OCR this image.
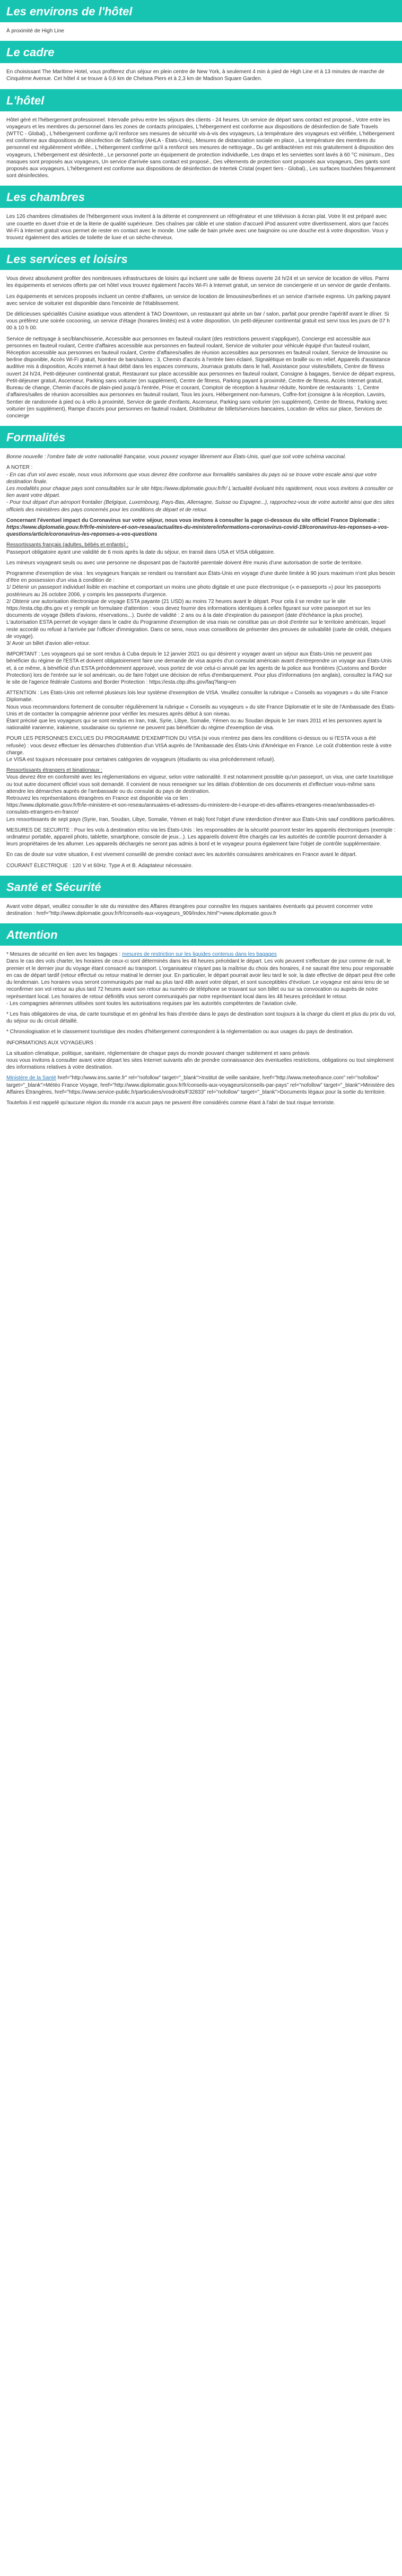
Les environs de l'hôtel

À proximité de High Line

Le cadre

En choisissant The Maritime Hotel, vous profiterez d'un séjour en plein centre de New York, à seulement 4 min à pied de High Line et à 13 minutes de marche de Cinquième Avenue. Cet hôtel 4 se trouve à 0,6 km de Chelsea Piers et à 2,3 km de Madison Square Garden.

L'hôtel

Hôtel géré et l'hébergement professionnel. Intervalle prévu entre les séjours des clients - 24 heures. Un service de départ sans contact est proposé., Votre entre les voyageurs et les membres du personnel dans les zones de contacts principales, L'hébergement est conforme aux dispositions de désinfection de Safe Travels (WTTC - Global)., L'hébergement confirme qu'il renforce ses mesures de sécurité vis-à-vis des voyageurs, La température des voyageurs est vérifiée, L'hébergement est conforme aux dispositions de désinfection de SafeStay (AHLA - États-Unis)., Mesures de distanciation sociale en place., La température des membres du personnel est régulièrement vérifiée., L'hébergement confirme qu'il a renforcé ses mesures de nettoyage., Du gel antibactérien est mis gratuitement à disposition des voyageurs, L'hébergement est désinfecté., Le personnel porte un équipement de protection individuelle, Les draps et les serviettes sont lavés à 60 °C minimum., Des masques sont proposés aux voyageurs, Un service d'arrivée sans contact est proposé., Des vêtements de protection sont proposés aux voyageurs, Des gants sont proposés aux voyageurs, L'hébergement est conforme aux dispositions de désinfection de Intertek Cristal (expert tiers - Global)., Les surfaces touchées fréquemment sont désinfectées.

Les chambres

Les 126 chambres climatisées de l'hébergement vous invitent à la détente et comprennent un réfrigérateur et une télévision à écran plat. Votre lit est préparé avec une couette en duvet d'oie et de la literie de qualité supérieure. Des chaînes par câble et une station d'accueil iPod assurent votre divertissement, alors que l'accès Wi-Fi à Internet gratuit vous permet de rester en contact avec le monde. Une salle de bain privée avec une baignoire ou une douche est à votre disposition. Vous y trouvez également des articles de toilette de luxe et un sèche-cheveux.

Les services et loisirs

Vous devez absolument profiter des nombreuses infrastructures de loisirs qui incluent une salle de fitness ouverte 24 h/24 et un service de location de vélos. Parmi les équipements et services offerts par cet hôtel vous trouvez également l'accès Wi-Fi à Internet gratuit, un service de conciergerie et un service de garde d'enfants.

Les équipements et services proposés incluent un centre d'affaires, un service de location de limousines/berlines et un service d'arrivée express. Un parking payant avec service de voiturier est disponible dans l'enceinte de l'établissement.

De délicieuses spécialités Cuisine asiatique vous attendent à TAO Downtown, un restaurant qui abrite un bar / salon, parfait pour prendre l'apéritif avant le dîner. Si vous préférez une soirée cocooning, un service d'étage (horaires limités) est à votre disposition. Un petit-déjeuner continental gratuit est servi tous les jours de 07 h 00 à 10 h 00.

Service de nettoyage à sec/blanchisserie, Accessible aux personnes en fauteuil roulant (des restrictions peuvent s'appliquer), Concierge est accessible aux personnes en fauteuil roulant, Centre d'affaires accessible aux personnes en fauteuil roulant, Service de voiturier pour véhicule équipé d'un fauteuil roulant, Réception accessible aux personnes en fauteuil roulant, Centre d'affaires/salles de réunion accessibles aux personnes en fauteuil roulant, Service de limousine ou berline disponible, Accès Wi-Fi gratuit, Nombre de bars/salons : 3, Chemin d'accès à l'entrée bien éclairé, Signalétique en braille ou en relief, Appareils d'assistance auditive mis à disposition, Accès internet à haut débit dans les espaces communs, Journaux gratuits dans le hall, Assistance pour visites/billets, Centre de fitness ouvert 24 h/24, Petit-déjeuner continental gratuit, Restaurant sur place accessible aux personnes en fauteuil roulant, Consigne à bagages, Service de départ express, Petit-déjeuner gratuit, Ascenseur, Parking sans voiturier (en supplément), Centre de fitness, Parking payant à proximité, Centre de fitness, Accès Internet gratuit, Bureau de change, Chemin d'accès de plain-pied jusqu'à l'entrée, Prise et courant, Comptoir de réception à hauteur réduite, Nombre de restaurants : 1, Centre d'affaires/salles de réunion accessibles aux personnes en fauteuil roulant, Tous les jours, Hébergement non-fumeurs, Coffre-fort (consigne à la réception, Lavoirs, Sentier de randonnée à pied ou à vélo à proximité, Service de garde d'enfants, Ascenseur, Parking sans voiturier (en supplément), Centre de fitness, Parking avec voiturier (en supplément), Rampe d'accès pour personnes en fauteuil roulant, Distributeur de billets/services bancaires, Location de vélos sur place, Services de concierge

Formalités

Bonne nouvelle : l'ombre faite de votre nationalité française, vous pouvez voyager librement aux États-Unis, quel que soit votre schéma vaccinal.

A NOTER :
- En cas d'un vol avec escale, nous vous informons que vous devrez être conforme aux formalités sanitaires du pays où se trouve votre escale ainsi que votre destination finale.
Les modalités pour chaque pays sont consultables sur le site https://www.diplomatie.gouv.fr/fr/ L'actualité évoluant très rapidement, nous vous invitons à consulter ce lien avant votre départ.
- Pour tout départ d'un aéroport frontalier (Belgique, Luxembourg, Pays-Bas, Allemagne, Suisse ou Espagne...), rapprochez-vous de votre autorité ainsi que des sites officiels des ministères des pays concernés pour les conditions de départ et de retour.

Concernant l'éventuel impact du Coronavirus sur votre séjour, nous vous invitons à consulter la page ci-dessous du site officiel France Diplomatie :
https://www.diplomatie.gouv.fr/fr/le-ministere-et-son-reseau/actualites-du-ministere/informations-coronavirus-covid-19/coronavirus-les-reponses-a-vos-questions/article/coronavirus-les-reponses-a-vos-questions

Ressortissants français (adultes, bébés et enfants) :
Passeport obligatoire ayant une validité de 6 mois après la date du séjour, en transit dans USA et VISA obligatoire.

Les mineurs voyageant seuls ou avec une personne ne disposant pas de l'autorité parentale doivent être munis d'une autorisation de sortie de territoire.

Programme d'exemption de visa : les voyageurs français se rendant ou transitant aux États-Unis en voyage d'une durée limitée à 90 jours maximum n'ont plus besoin d'être en possession d'un visa à condition de :
1/ Détenir un passeport individuel lisible en machine et comportant un moins une photo digitale et une puce électronique (« e-passeports ») pour les passeports postérieurs au 26 octobre 2006, y compris les passeports d'urgence.
2/ Obtenir une autorisation électronique de voyage ESTA payante (21 USD) au moins 72 heures avant le départ. Pour cela il se rendre sur le site https://esta.cbp.dhs.gov et y remplir un formulaire d'attention : vous devez fournir des informations identiques à celles figurant sur votre passeport et sur les documents de voyage (billets d'avions, réservations...). Durée de validité : 2 ans ou à la date d'expiration du passeport (date d'échéance la plus proche). L'autorisation ESTA permet de voyager dans le cadre du Programme d'exemption de visa mais ne constitue pas un droit d'entrée sur le territoire américain, lequel reste accordé ou refusé à l'arrivée par l'officier d'immigration. Dans ce sens, nous vous conseillons de présenter des preuves de solvabilité (carte de crédit, chèques de voyage).
3/ Avoir un billet d'avion aller-retour.

IMPORTANT : Les voyageurs qui se sont rendus à Cuba depuis le 12 janvier 2021 ou qui désirent y voyager avant un séjour aux États-Unis ne peuvent pas bénéficier du régime de l'ESTA et doivent obligatoirement faire une demande de visa auprès d'un consulat américain avant d'entreprendre un voyage aux États-Unis et, à ce même, à bénéficié d'un ESTA précédemment approuvé, vous portez de voir celui-ci annulé par les agents de la police aux frontières (Customs and Border Protection) lors de l'entrée sur le sol américain, ou de faire l'objet une décision de refus d'embarquement. Pour plus d'informations (en anglais), consultez la FAQ sur le site de l'agence fédérale Customs and Border Protection : https://esta.cbp.dhs.gov/faq?lang=en

ATTENTION : Les États-Unis ont refermé plusieurs lois leur système d'exemption de VISA. Veuillez consulter la rubrique « Conseils au voyageurs » du site France Diplomatie.
Nous vous recommandons fortement de consulter régulièrement la rubrique « Conseils au voyageurs » du site France Diplomatie et le site de l'Ambassade des États-Unis et de contacter la compagnie aérienne pour vérifier les mesures après début à son niveau.
Étant précisé que les voyageurs qui se sont rendus en Iran, Irak, Syrie, Libye, Somalie, Yémen ou au Soudan depuis le 1er mars 2011 et les personnes ayant la nationalité iranienne, irakienne, soudanaise ou syrienne ne peuvent pas bénéficier du régime d'exemption de visa.

POUR LES PERSONNES EXCLUES DU PROGRAMME D'EXEMPTION DU VISA (si vous n'entrez pas dans les conditions ci-dessus ou si l'ESTA vous a été refusée) : vous devez effectuer les démarches d'obtention d'un VISA auprès de l'Ambassade des États-Unis d'Amérique en France. Le coût d'obtention reste à votre charge.
Le VISA est toujours nécessaire pour certaines catégories de voyageurs (étudiants ou visa précédemment refusé).

Ressortissants étrangers et binationaux :
Vous devrez être en conformité avec les réglementations en vigueur, selon votre nationalité. Il est notamment possible qu'un passeport, un visa, une carte touristique ou tout autre document officiel vous soit demandé. Il convient de nous renseigner sur les délais d'obtention de ces documents et d'effectuer vous-même sans attendre les démarches auprès de l'ambassade ou du consulat du pays de destination.
Retrouvez les représentations étrangères en France est disponible via ce lien :
https://www.diplomatie.gouv.fr/fr/le-ministere-et-son-reseau/annuaires-et-adresses-du-ministere-de-l-europe-et-des-affaires-etrangeres-meae/ambassades-et-consulats-etrangers-en-france/
Les ressortissants de sept pays (Syrie, Iran, Soudan, Libye, Somalie, Yémen et Irak) font l'objet d'une interdiction d'entrer aux États-Unis sauf conditions particulières.

MESURES DE SECURITE : Pour les vols à destination et/ou via les États-Unis : les responsables de la sécurité pourront tester les appareils électroniques (exemple : ordinateur portable, appareil photo, tablette, smartphone, console de jeux...). Les appareils doivent être chargés car les autorités de contrôle pourront demander à leurs propriétaires de les allumer. Les appareils déchargés ne seront pas admis à bord et le voyageur pourra également faire l'objet de contrôle supplémentaire.

En cas de doute sur votre situation, il est vivement conseillé de prendre contact avec les autorités consulaires américaines en France avant le départ.

COURANT ÉLECTRIQUE : 120 V et 60Hz. Type A et B. Adaptateur nécessaire.

Santé et Sécurité

Avant votre départ, veuillez consulter le site du ministère des Affaires étrangères pour connaître les risques sanitaires éventuels qui peuvent concerner votre destination : href="http://www.diplomatie.gouv.fr/fr/conseils-aux-voyageurs_909/index.html">www.diplomatie.gouv.fr

Attention

* Mesures de sécurité en lien avec les bagages : mesures de restriction sur les liquides contenus dans les bagages
Dans le cas des vols charter, les horaires de ceux-ci sont déterminés dans les 48 heures précédant le départ. Les vols peuvent s'effectuer de jour comme de nuit, le premier et le dernier jour du voyage étant consacré au transport. L'organisateur n'ayant pas la maîtrise du choix des horaires, il ne saurait être tenu pour responsable en cas de départ tardif (retour effectué ou retour matinal le dernier jour. En particulier, le départ pourrait avoir lieu tard le soir, la date effective de départ peut être celle du lendemain. Les horaires vous seront communiqués par mail au plus tard 48h avant votre départ, et sont susceptibles d'évoluer. Le voyageur est ainsi tenu de se reconfirmer son vol retour au plus tard 72 heures avant son retour au numéro de téléphone se trouvant sur son billet ou sur sa convocation ou auprès de notre représentant local. Les horaires de retour définitifs vous seront communiqués par notre représentant local dans les 48 heures précédant le retour.
- Les compagnies aériennes utilisées sont toutes les autorisations requises par les autorités compétentes de l'aviation civile.

* Les frais obligatoires de visa, de carte touristique et en général les frais d'entrée dans le pays de destination sont toujours à la charge du client et plus du prix du vol, du séjour ou du circuit détaillé.

* Chronologisation et le classement touristique des modes d'hébergement correspondent à la réglementation ou aux usages du pays de destination.

INFORMATIONS AUX VOYAGEURS :

La situation climatique, politique, sanitaire, réglementaire de chaque pays du monde pouvant changer subitement et sans préavis
nous vous invitons à consulter avant votre départ les sites Internet suivants afin de prendre connaissance des éventuelles restrictions, obligations ou tout simplement des informations relatives à votre destination.

Ministère de la Santé href="http://www.ims.sante.fr" rel="nofollow" target="_blank">Institut de veille sanitaire, href="http://www.meteofrance.com" rel="nofollow" target="_blank">Météo France Voyage, href="http://www.diplomatie.gouv.fr/fr/conseils-aux-voyageurs/conseils-par-pays" rel="nofollow" target="_blank">Ministère des Affaires Étrangères, href="https://www.service-public.fr/particuliers/vosdroits/F32833" rel="nofollow" target="_blank">Documents légaux pour la sortie du territoire.

Toutefois il est rappelé qu'aucune région du monde n'a aucun pays ne peuvent être considérés comme étant à l'abri de tout risque terroriste.
